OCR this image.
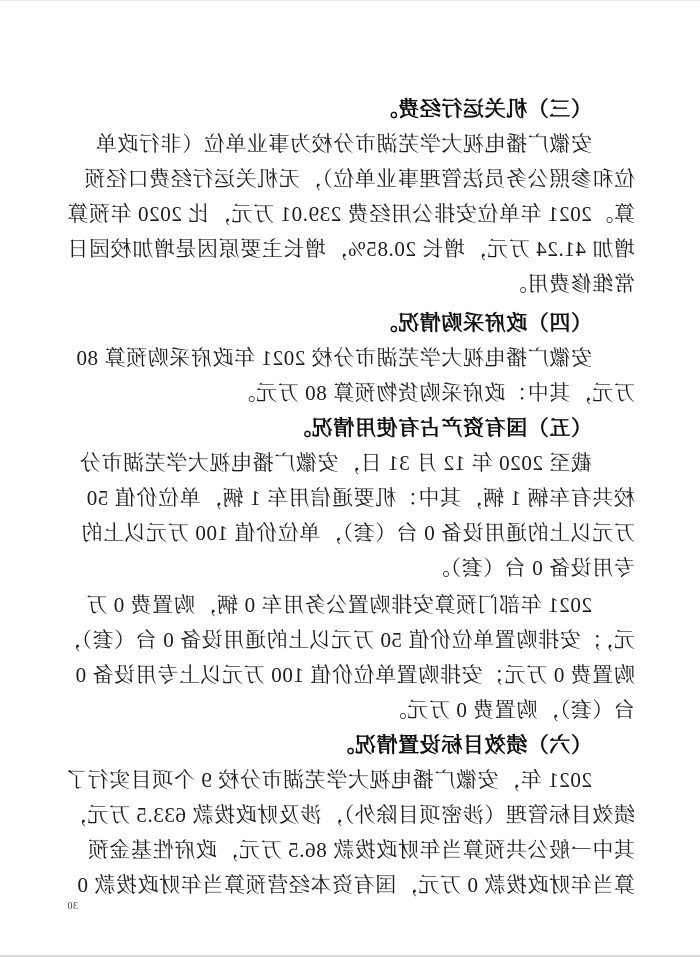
（三）机关运行经费。
安徽广播电视大学芜湖市分校为事业单位（非行政单
位和参照公务员法管理事业单位），无机关运行经费口径预
算。2021 年单位安排公用经费 239.01 万元，比 2020 年预算
增加 41.24 万元，增长 20.85%，增长主要原因是增加校园日
常维修费用。
（四）政府采购情况。
安徽广播电视大学芜湖市分校 2021 年政府采购预算 80
万元，其中：政府采购货物预算 80 万元。
（五）国有资产占有使用情况。
截至 2020 年 12 月 31 日，安徽广播电视大学芜湖市分
校共有车辆 1 辆，其中：机要通信用车 1 辆，单位价值 50
万元以上的通用设备 0 台（套），单位价值 100 万元以上的
专用设备 0 台（套）。
2021 年部门预算安排购置公务用车 0 辆，购置费 0 万
元，；安排购置单位价值 50 万元以上的通用设备 0 台（套），
购置费 0 万元；安排购置单位价值 100 万元以上专用设备 0
台（套），购置费 0 万元。
（六）绩效目标设置情况。
2021 年，安徽广播电视大学芜湖市分校 9 个项目实行了
绩效目标管理（涉密项目除外），涉及财政拨款 633.5 万元，
其中一般公共预算当年财政拨款 86.5 万元，政府性基金预
算当年财政拨款 0 万元，国有资本经营预算当年财政拨款 0
30
